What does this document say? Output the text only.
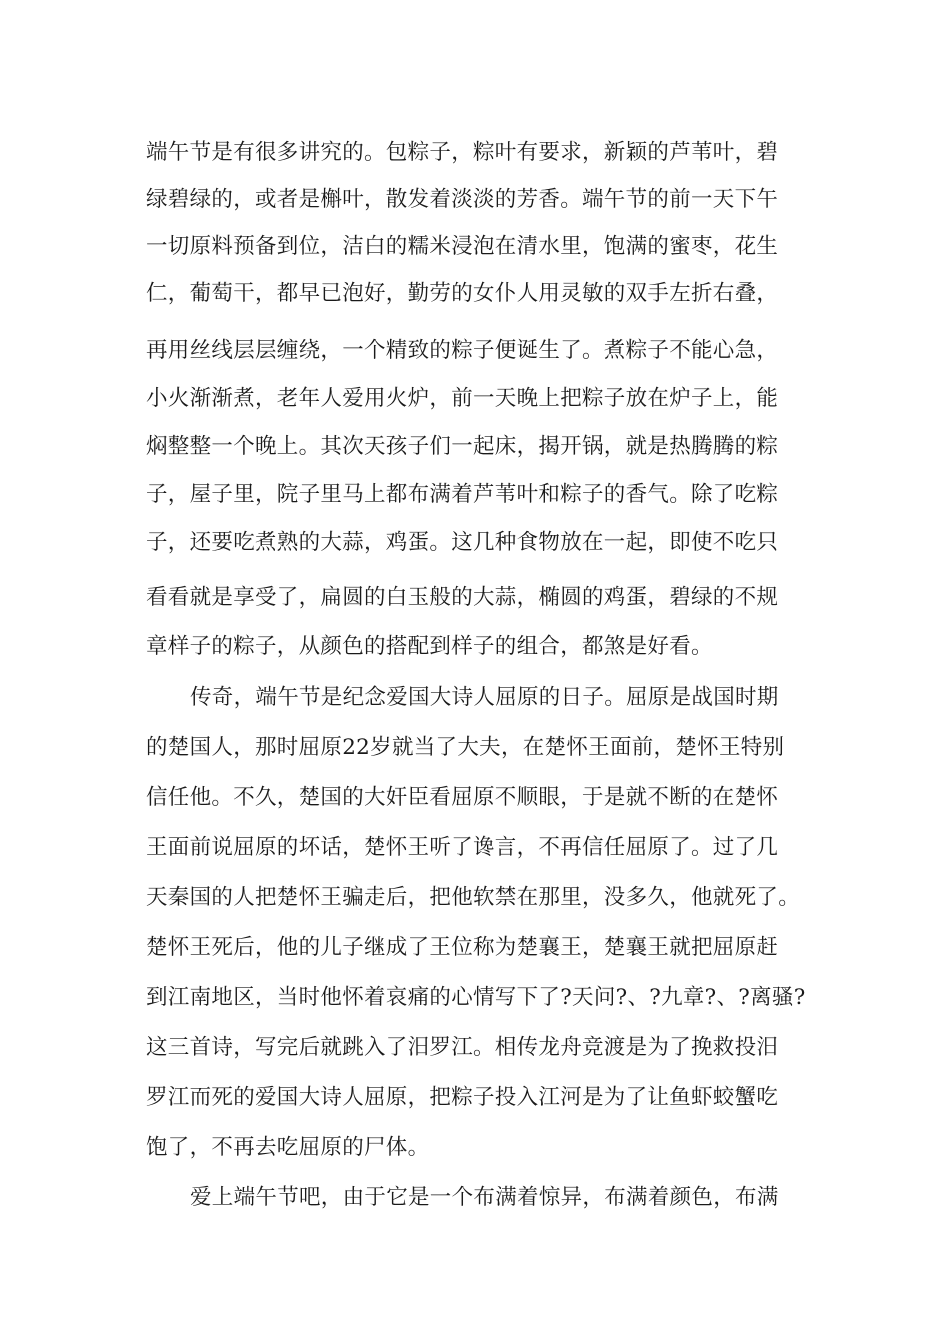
端午节是有很多讲究的。包粽子，粽叶有要求，新颖的芦苇叶，碧
绿碧绿的，或者是槲叶，散发着淡淡的芳香。端午节的前一天下午
一切原料预备到位，洁白的糯米浸泡在清水里，饱满的蜜枣，花生
仁，葡萄干，都早已泡好，勤劳的女仆人用灵敏的双手左折右叠，
再用丝线层层缠绕，一个精致的粽子便诞生了。煮粽子不能心急，
小火渐渐煮，老年人爱用火炉，前一天晚上把粽子放在炉子上，能
焖整整一个晚上。其次天孩子们一起床，揭开锅，就是热腾腾的粽
子，屋子里，院子里马上都布满着芦苇叶和粽子的香气。除了吃粽
子，还要吃煮熟的大蒜，鸡蛋。这几种食物放在一起，即使不吃只
看看就是享受了，扁圆的白玉般的大蒜，椭圆的鸡蛋，碧绿的不规
章样子的粽子，从颜色的搭配到样子的组合，都煞是好看。
传奇，端午节是纪念爱国大诗人屈原的日子。屈原是战国时期
的楚国人，那时屈原22岁就当了大夫，在楚怀王面前，楚怀王特别
信任他。不久，楚国的大奸臣看屈原不顺眼，于是就不断的在楚怀
王面前说屈原的坏话，楚怀王听了谗言，不再信任屈原了。过了几
天秦国的人把楚怀王骗走后，把他软禁在那里，没多久，他就死了。
楚怀王死后，他的儿子继成了王位称为楚襄王，楚襄王就把屈原赶
到江南地区，当时他怀着哀痛的心情写下了?天问?、?九章?、?离骚?
这三首诗，写完后就跳入了汨罗江。相传龙舟竞渡是为了挽救投汨
罗江而死的爱国大诗人屈原，把粽子投入江河是为了让鱼虾蛟蟹吃
饱了，不再去吃屈原的尸体。
爱上端午节吧，由于它是一个布满着惊异，布满着颜色，布满
